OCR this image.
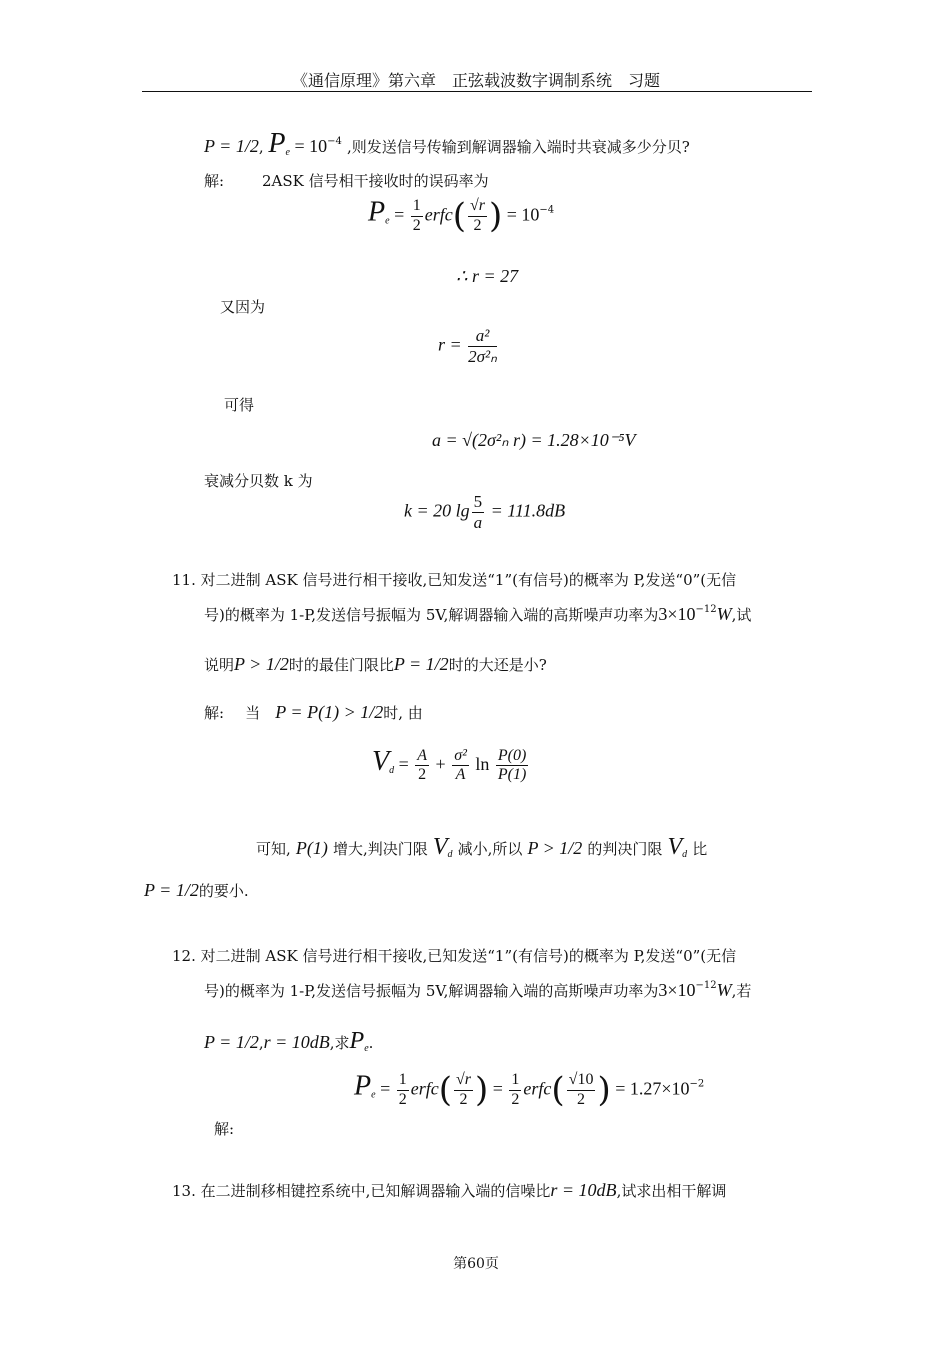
《通信原理》第六章　正弦载波数字调制系统　习题
P = 1/2, $P_e = 10^{-4}$ ,则发送信号传输到解调器输入端时共衰减多少分贝?
解:	2ASK 信号相干接收时的误码率为
$P_e = \frac{1}{2}$ erfc( $\frac{√r}{2}$ ) = $10^{-4}$
∴ r = 27
又因为
$r = \frac{\text{a²}}{\text{2σ²ₙ}}$
可得
a = √(2σ²ₙ r) = 1.28×10⁻⁵V
衰减分贝数 k 为
k = 20 $\lg \frac{5}{a} = 111.8dB$
11. 对二进制 ASK 信号进行相干接收,已知发送“1”(有信号)的概率为 P,发送“0”(无信
号)的概率为 1-P,发送信号振幅为 5V,解调器输入端的高斯噪声功率为$3\times 10^{-12}W$,试
说明P > 1/2时的最佳门限比P = 1/2时的大还是小?
解: 当 P = P(1) > 1/2时, 由
$V_d = \frac{A}{2} + \frac{\text{σ²}}{A}$ $\ln \frac{P(0)}{P(1)}$
可知, P(1) 增大,判决门限 $V_d$ 减小,所以 P > 1/2 的判决门限 $V_d$ 比
P = 1/2的要小.
12. 对二进制 ASK 信号进行相干接收,已知发送“1”(有信号)的概率为 P,发送“0”(无信
号)的概率为 1-P,发送信号振幅为 5V,解调器输入端的高斯噪声功率为$3\times 10^{-12}W$,若
P = 1/2,r = 10dB,求$P_e$.
$P_e = \frac{1}{2}$ erfc( $\frac{√r}{2}$ ) = $\frac{1}{2}$ erfc( $\frac{√10}{2}$ ) = $1.27\times 10^{-2}$
解:
13. 在二进制移相键控系统中,已知解调器输入端的信噪比r = 10dB,试求出相干解调
第60页
